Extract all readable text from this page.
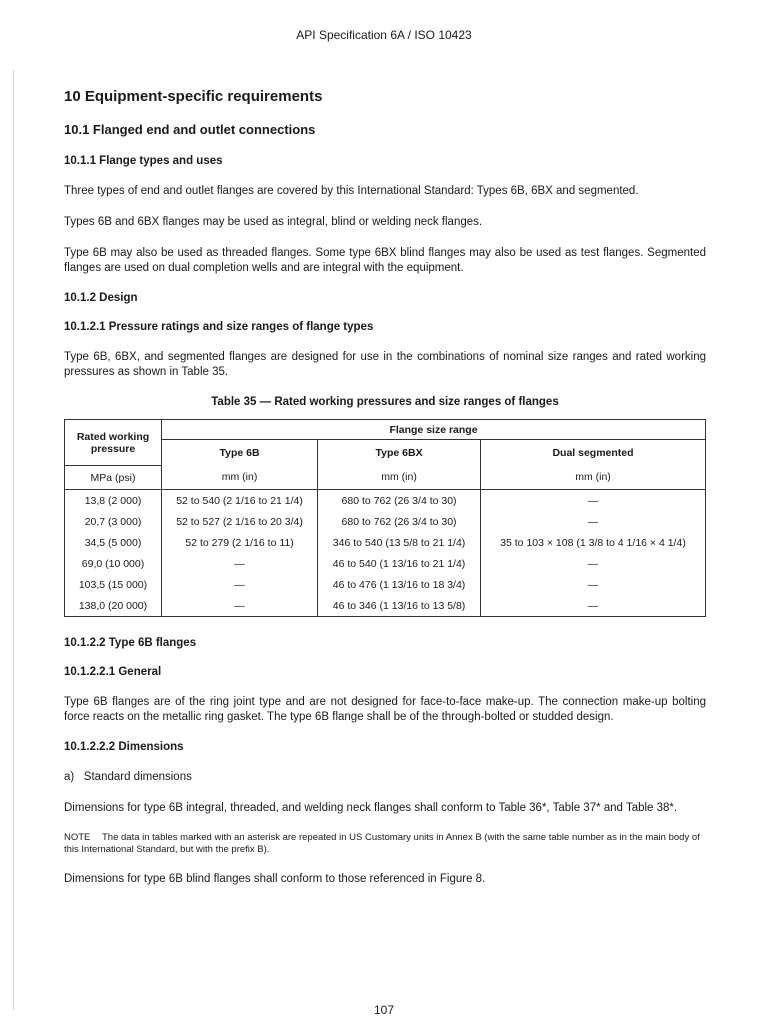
API Specification 6A / ISO 10423
10 Equipment-specific requirements
10.1 Flanged end and outlet connections
10.1.1 Flange types and uses

Three types of end and outlet flanges are covered by this International Standard: Types 6B, 6BX and segmented.

Types 6B and 6BX flanges may be used as integral, blind or welding neck flanges.

Type 6B may also be used as threaded flanges. Some type 6BX blind flanges may also be used as test flanges. Segmented flanges are used on dual completion wells and are integral with the equipment.

10.1.2 Design
10.1.2.1 Pressure ratings and size ranges of flange types

Type 6B, 6BX, and segmented flanges are designed for use in the combinations of nominal size ranges and rated working pressures as shown in Table 35.

Table 35 — Rated working pressures and size ranges of flanges
Rated working pressure	Flange size range		
	Type 6B	Type 6BX	Dual segmented
MPa (psi)	mm (in)	mm (in)	mm (in)
13,8 (2 000)	52 to 540 (2 1/16 to 21 1/4)	680 to 762 (26 3/4 to 30)	—
20,7 (3 000)	52 to 527 (2 1/16 to 20 3/4)	680 to 762 (26 3/4 to 30)	—
34,5 (5 000)	52 to 279 (2 1/16 to 11)	346 to 540 (13 5/8 to 21 1/4)	35 to 103 × 108 (1 3/8 to 4 1/16 × 4 1/4)
69,0 (10 000)	—	46 to 540 (1 13/16 to 21 1/4)	—
103,5 (15 000)	—	46 to 476 (1 13/16 to 18 3/4)	—
138,0 (20 000)	—	46 to 346 (1 13/16 to 13 5/8)	—
10.1.2.2 Type 6B flanges
10.1.2.2.1 General

Type 6B flanges are of the ring joint type and are not designed for face-to-face make-up. The connection make-up bolting force reacts on the metallic ring gasket. The type 6B flange shall be of the through-bolted or studded design.

10.1.2.2.2 Dimensions

a)   Standard dimensions

Dimensions for type 6B integral, threaded, and welding neck flanges shall conform to Table 36*, Table 37* and Table 38*.

NOTE The data in tables marked with an asterisk are repeated in US Customary units in Annex B (with the same table number as in the main body of this International Standard, but with the prefix B).

Dimensions for type 6B blind flanges shall conform to those referenced in Figure 8.

107
